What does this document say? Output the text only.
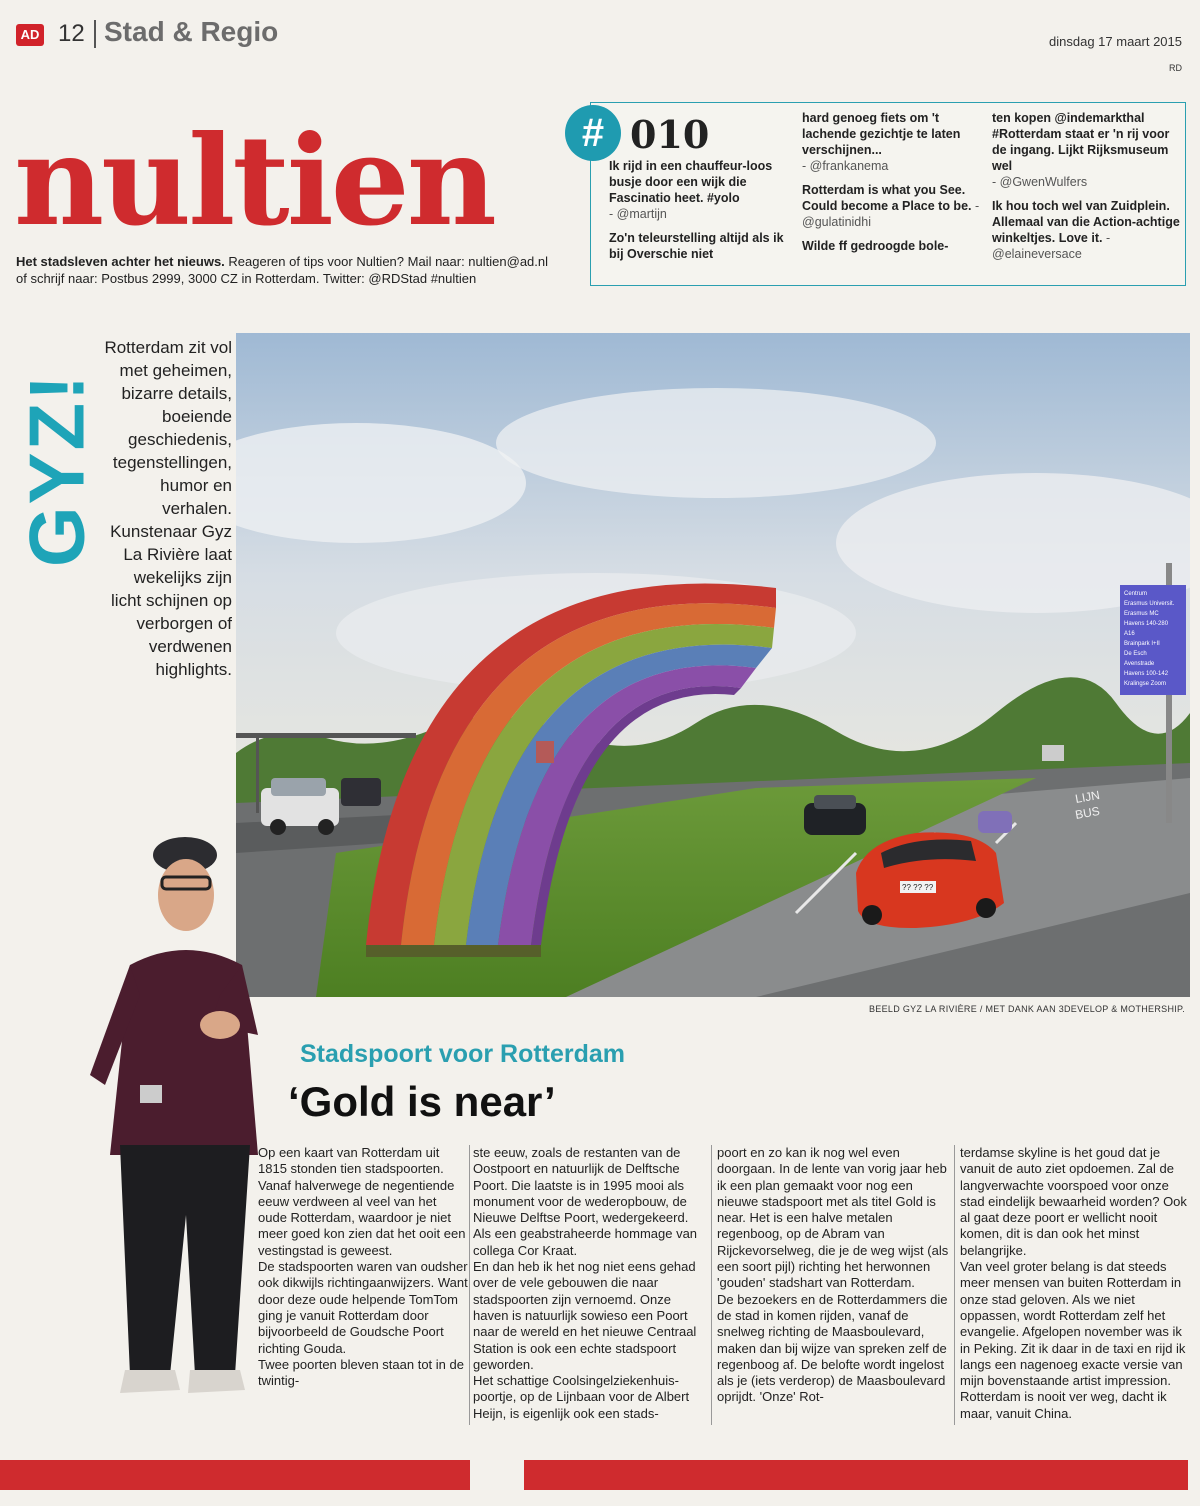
AD 12 Stad & Regio	dinsdag 17 maart 2015
RD
nultien
Het stadsleven achter het nieuws. Reageren of tips voor Nultien? Mail naar: nultien@ad.nl
of schrijf naar: Postbus 2999, 3000 CZ in Rotterdam. Twitter: @RDStad #nultien
# 010
Ik rijd in een chauffeur-loos busje door een wijk die Fascinatio heet. #yolo
- @martijn
Zo'n teleurstelling altijd als ik bij Overschie niet
hard genoeg fiets om 't lachende gezichtje te laten verschijnen...
- @frankanema
Rotterdam is what you See. Could become a Place to be. - @gulatinidhi
Wilde ff gedroogde bole-
ten kopen @indemarkthal #Rotterdam staat er 'n rij voor de ingang. Lijkt Rijksmuseum wel
- @GwenWulfers
Ik hou toch wel van Zuidplein. Allemaal van die Action-achtige winkeltjes. Love it. - @elaineversace
GYZ!
Rotterdam zit vol met geheimen, bizarre details, boeiende geschiedenis, tegenstellingen, humor en verhalen. Kunstenaar Gyz La Rivière laat wekelijks zijn licht schijnen op verborgen of verdwenen highlights.
LIJN
BUS
Centrum
Erasmus Universit.
Erasmus MC
Havens 140-280
A16
Brainpark I+II
De Esch
Avenstrade
Havens 100-142
Kralingse Zoom
?? ?? ??
BEELD GYZ LA RIVIÈRE / MET DANK AAN 3DEVELOP & MOTHERSHIP.
Stadspoort voor Rotterdam
‘Gold is near’

Op een kaart van Rotterdam uit 1815 stonden tien stadspoorten. Vanaf halverwege de negentiende eeuw verdween al veel van het oude Rotterdam, waardoor je niet meer goed kon zien dat het ooit een vestingstad is geweest.

De stadspoorten waren van oudsher ook dikwijls richtingaanwijzers. Want door deze oude helpende TomTom ging je vanuit Rotterdam door bijvoorbeeld de Goudsche Poort richting Gouda.

Twee poorten bleven staan tot in de twintig-

ste eeuw, zoals de restanten van de Oostpoort en natuurlijk de Delftsche Poort. Die laatste is in 1995 mooi als monument voor de wederopbouw, de Nieuwe Delftse Poort, wedergekeerd. Als een geabstraheerde hommage van collega Cor Kraat.

En dan heb ik het nog niet eens gehad over de vele gebouwen die naar stadspoorten zijn vernoemd. Onze haven is natuurlijk sowieso een Poort naar de wereld en het nieuwe Centraal Station is ook een echte stadspoort geworden.

Het schattige Coolsingelziekenhuis-poortje, op de Lijnbaan voor de Albert Heijn, is eigenlijk ook een stads-

poort en zo kan ik nog wel even doorgaan. In de lente van vorig jaar heb ik een plan gemaakt voor nog een nieuwe stadspoort met als titel Gold is near. Het is een halve metalen regenboog, op de Abram van Rijckevorselweg, die je de weg wijst (als een soort pijl) richting het herwonnen 'gouden' stadshart van Rotterdam.

De bezoekers en de Rotterdammers die de stad in komen rijden, vanaf de snelweg richting de Maasboulevard, maken dan bij wijze van spreken zelf de regenboog af. De belofte wordt ingelost als je (iets verderop) de Maasboulevard oprijdt. 'Onze' Rot-

terdamse skyline is het goud dat je vanuit de auto ziet opdoemen. Zal de langverwachte voorspoed voor onze stad eindelijk bewaarheid worden? Ook al gaat deze poort er wellicht nooit komen, dit is dan ook het minst belangrijke.

Van veel groter belang is dat steeds meer mensen van buiten Rotterdam in onze stad geloven. Als we niet oppassen, wordt Rotterdam zelf het evangelie. Afgelopen november was ik in Peking. Zit ik daar in de taxi en rijd ik langs een nagenoeg exacte versie van mijn bovenstaande artist impression. Rotterdam is nooit ver weg, dacht ik maar, vanuit China.
